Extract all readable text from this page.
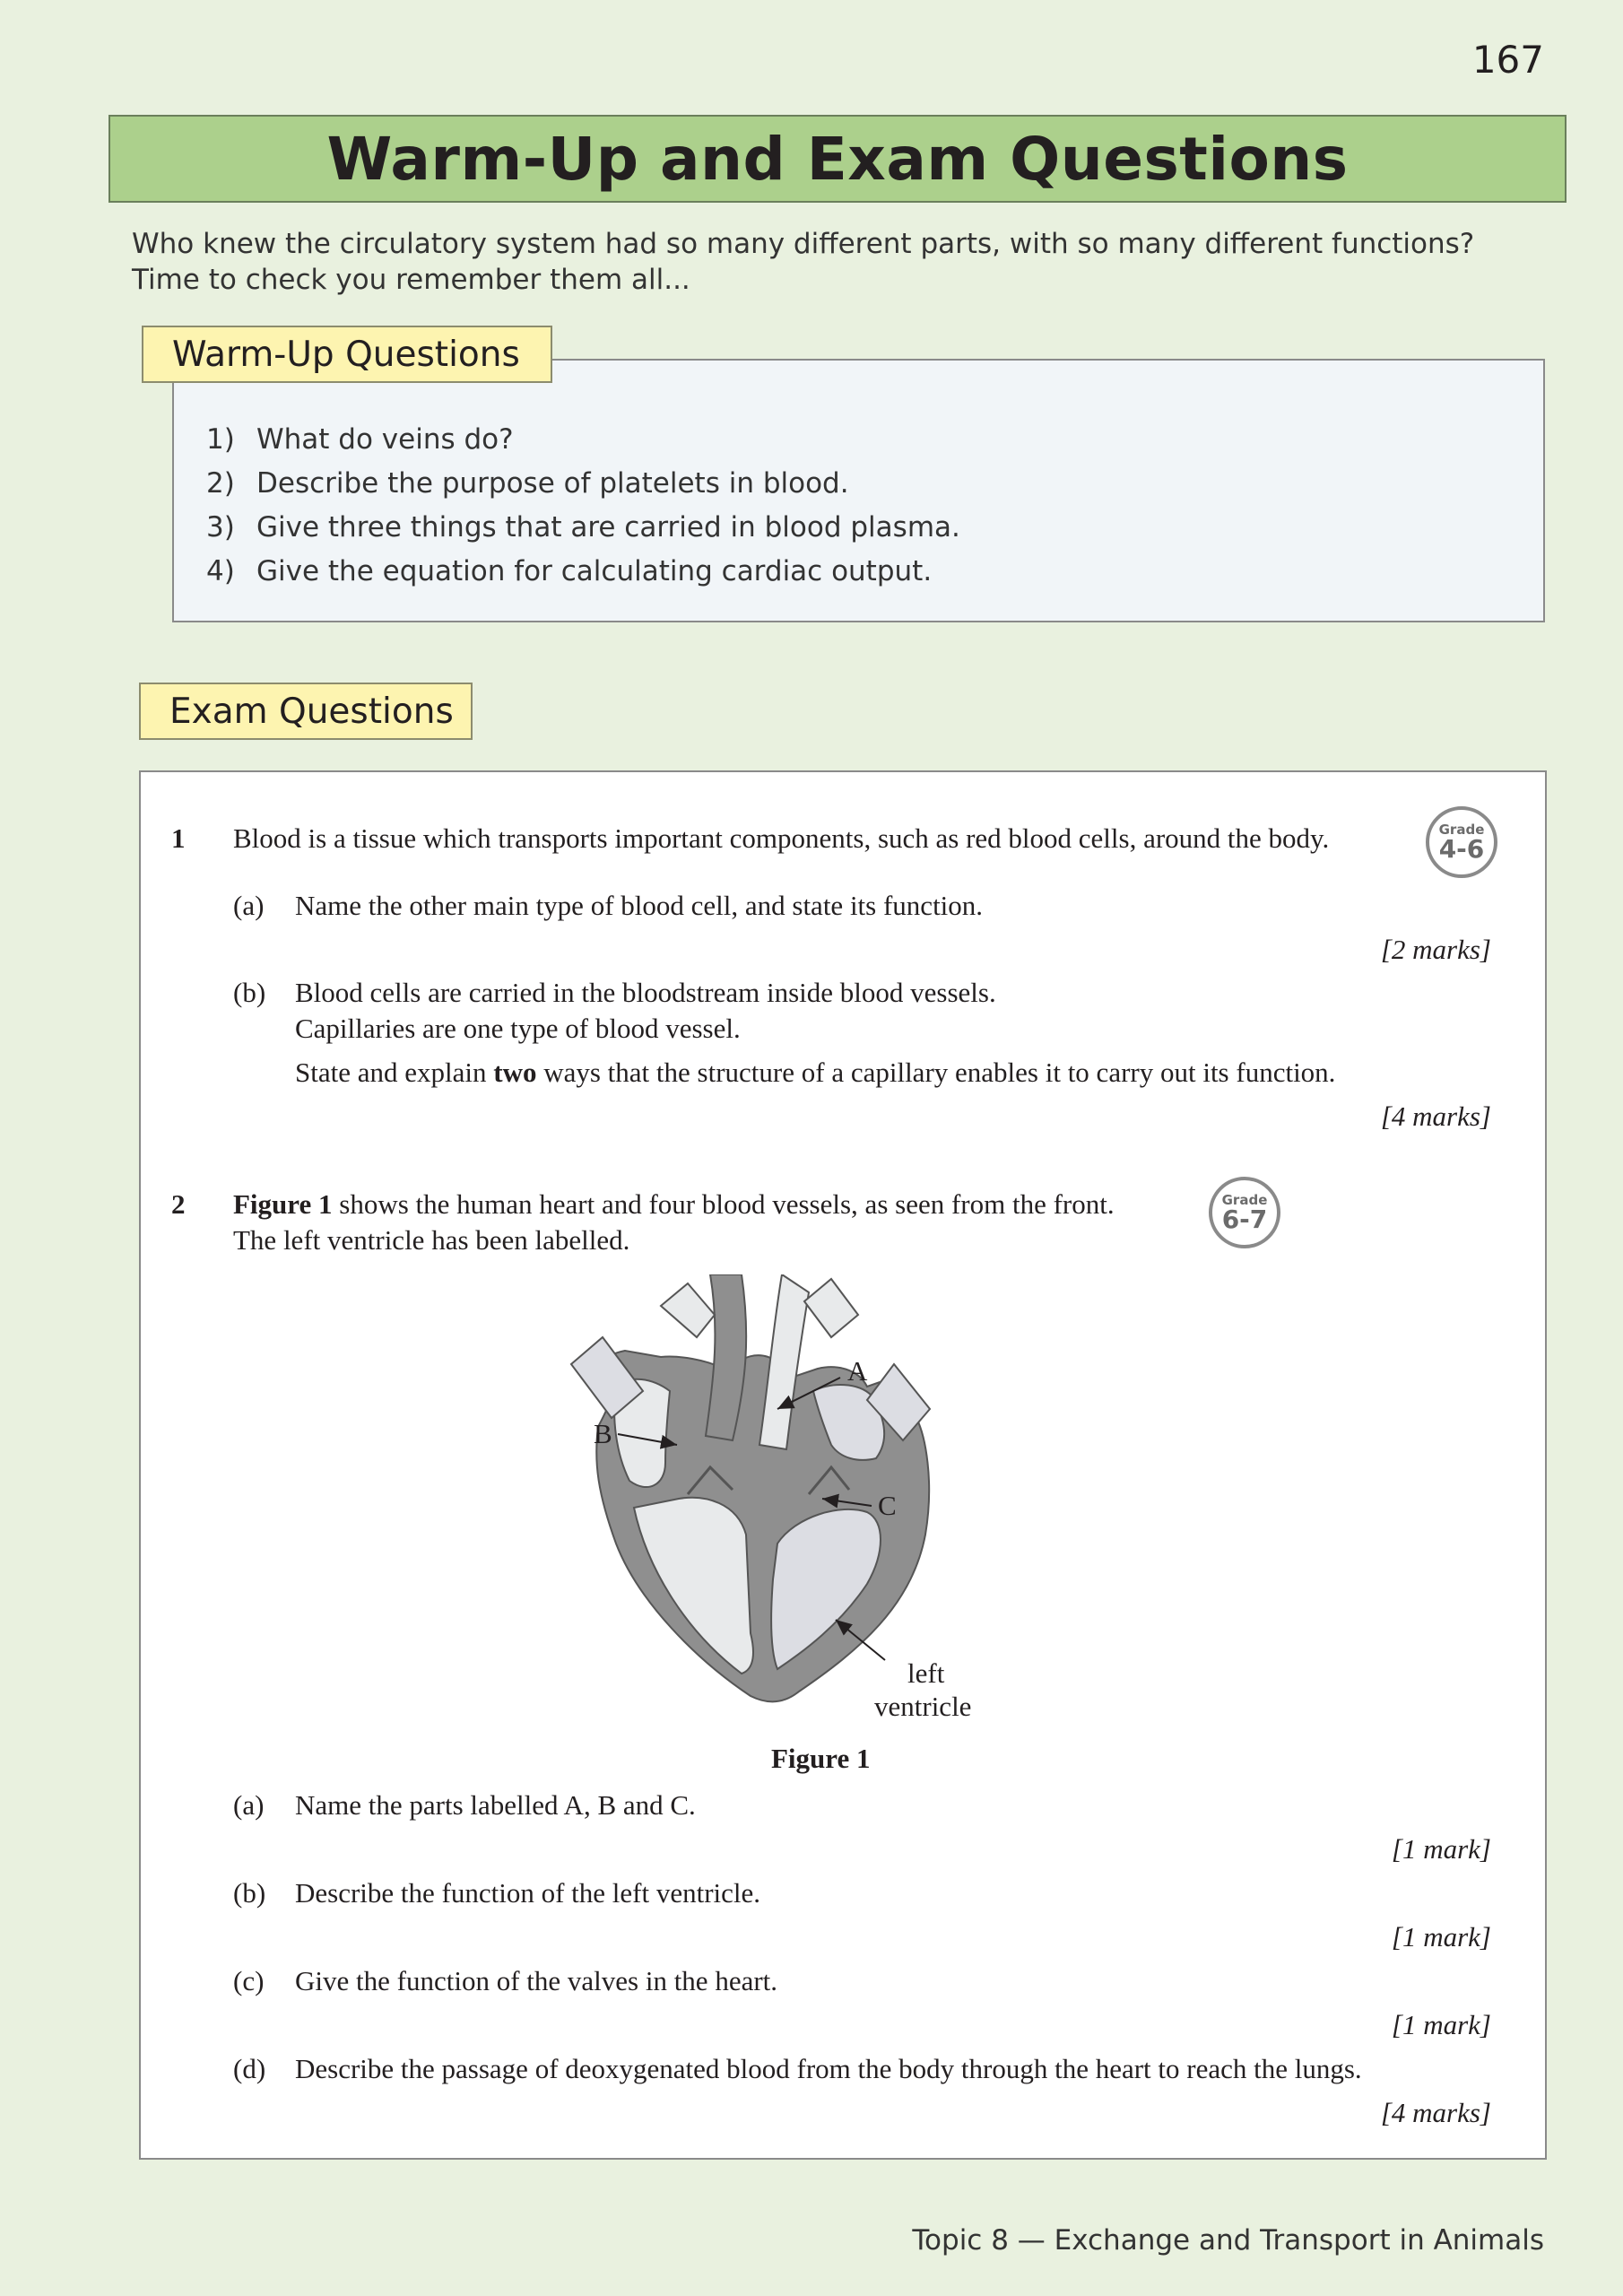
167
Warm-Up and Exam Questions
Who knew the circulatory system had so many different parts, with so many different functions?
Time to check you remember them all...
Warm-Up Questions
1) What do veins do?
2) Describe the purpose of platelets in blood.
3) Give three things that are carried in blood plasma.
4) Give the equation for calculating cardiac output.
Exam Questions
1 Blood is a tissue which transports important components, such as red blood cells, around the body.	Grade
4-6
(a) Name the other main type of blood cell, and state its function.
[2 marks]
(b) Blood cells are carried in the bloodstream inside blood vessels.
Capillaries are one type of blood vessel.
State and explain two ways that the structure of a capillary enables it to carry out its function.
[4 marks]
2 Figure 1 shows the human heart and four blood vessels, as seen from the front.
The left ventricle has been labelled.
Grade
6-7
A
B
C
left
ventricle
Figure 1
(a) Name the parts labelled A, B and C.
[1 mark]
(b) Describe the function of the left ventricle.
[1 mark]
(c) Give the function of the valves in the heart.
[1 mark]
(d) Describe the passage of deoxygenated blood from the body through the heart to reach the lungs.
[4 marks]
Topic 8 — Exchange and Transport in Animals
